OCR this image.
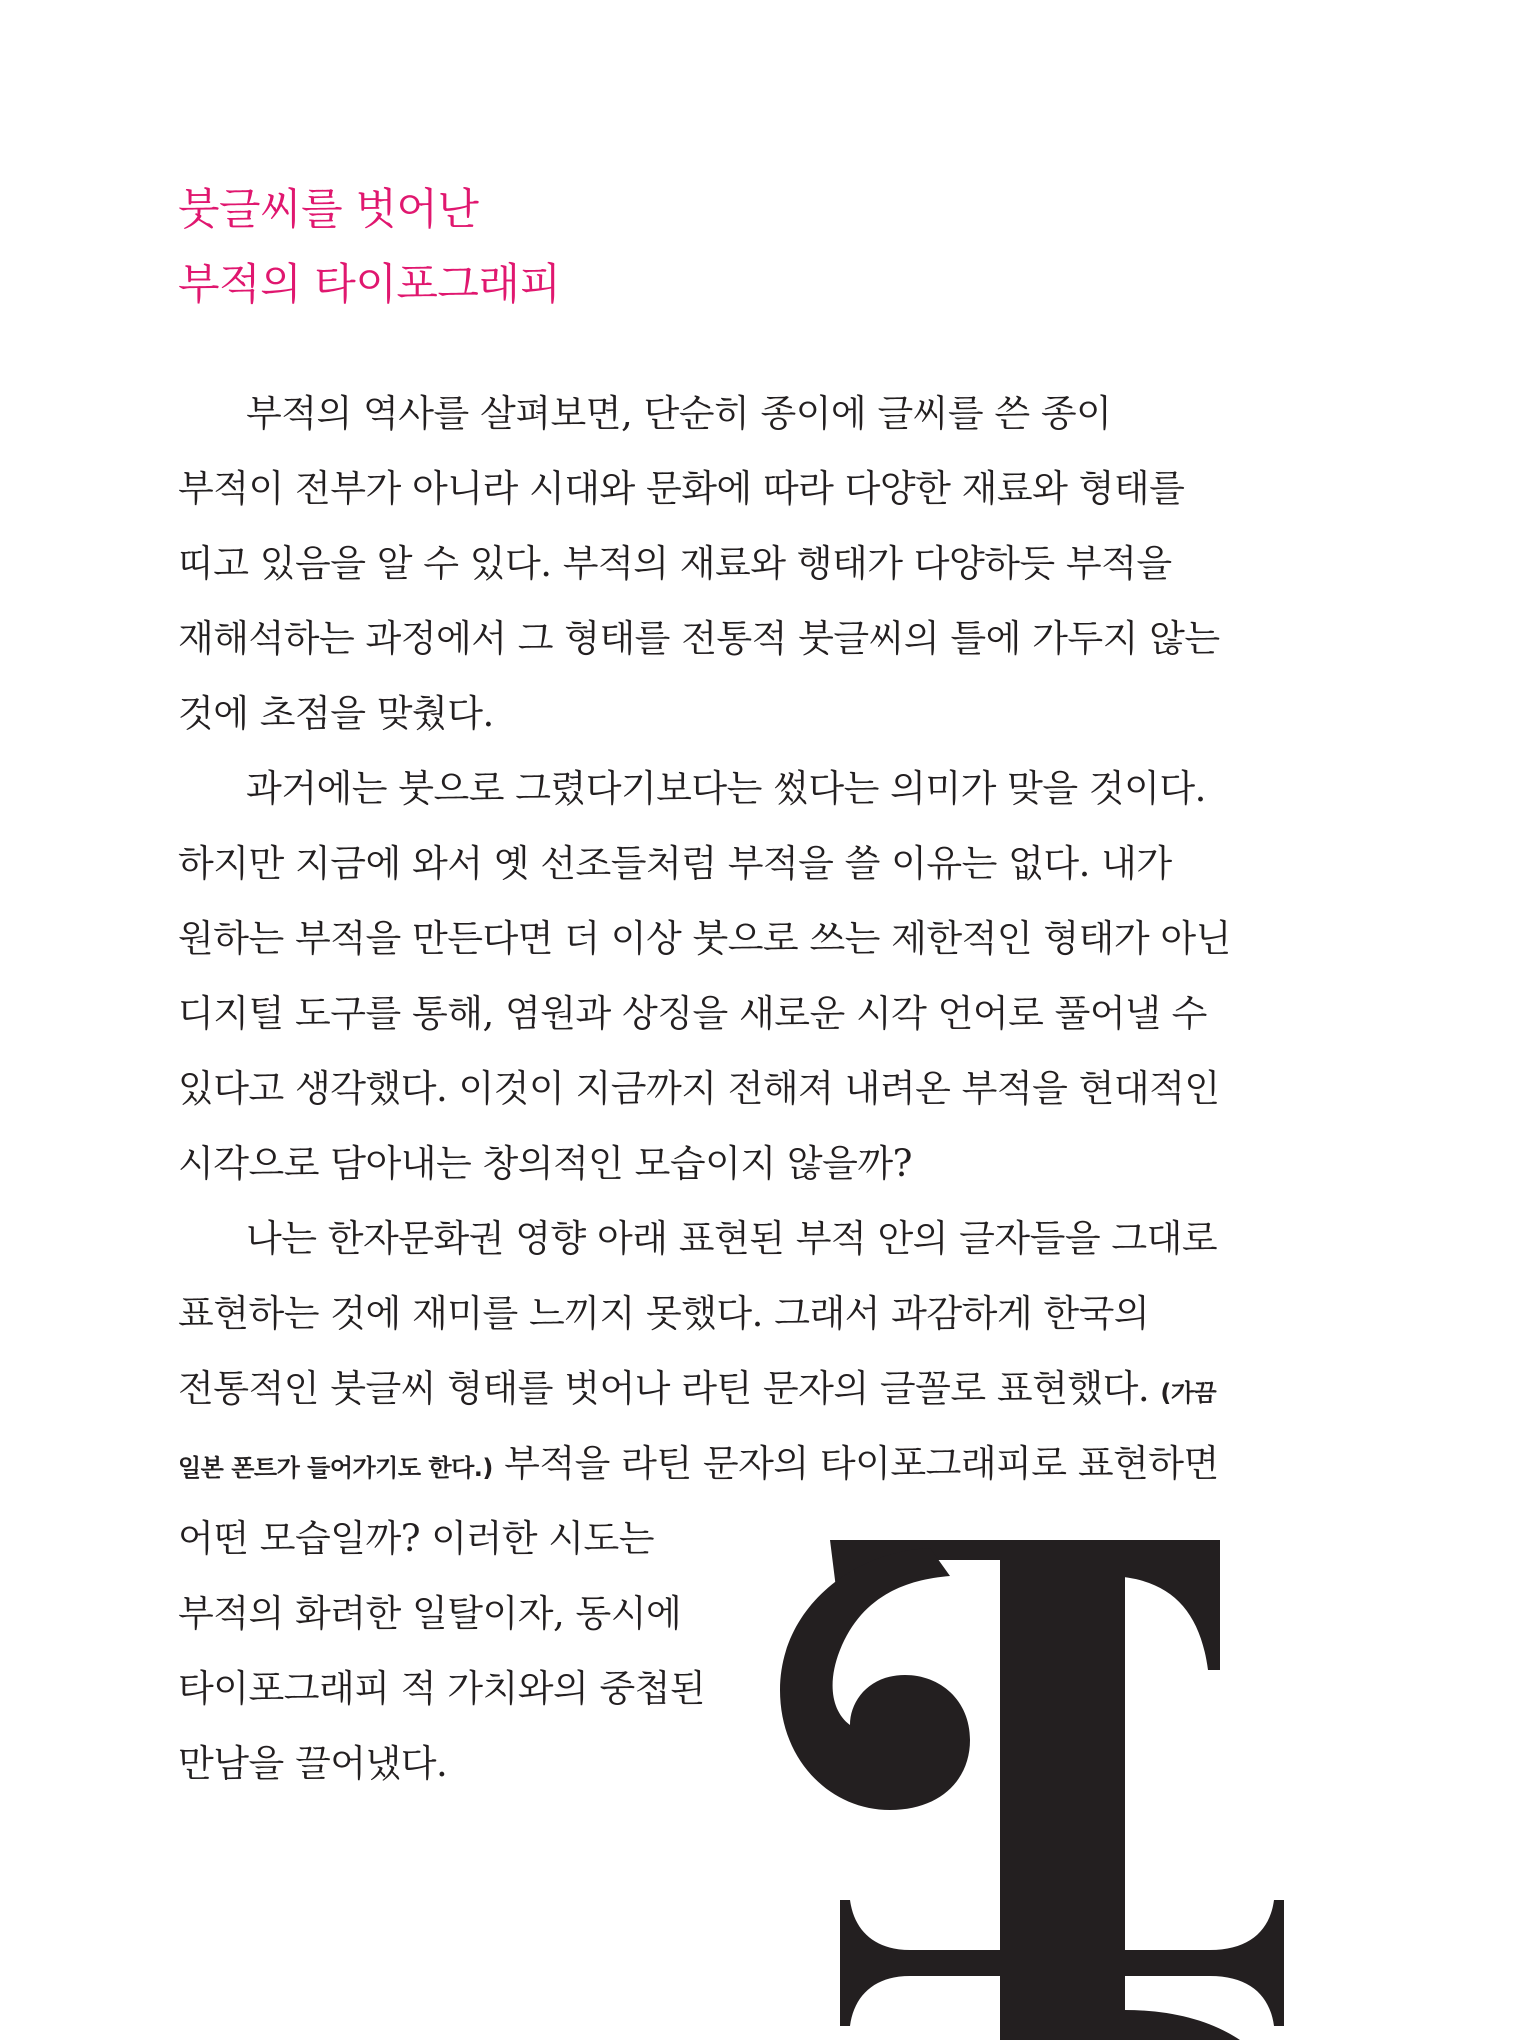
붓글씨를 벗어난
부적의 타이포그래피
부적의 역사를 살펴보면, 단순히 종이에 글씨를 쓴 종이
부적이 전부가 아니라 시대와 문화에 따라 다양한 재료와 형태를
띠고 있음을 알 수 있다. 부적의 재료와 행태가 다양하듯 부적을
재해석하는 과정에서 그 형태를 전통적 붓글씨의 틀에 가두지 않는
것에 초점을 맞췄다.
과거에는 붓으로 그렸다기보다는 썼다는 의미가 맞을 것이다.
하지만 지금에 와서 옛 선조들처럼 부적을 쓸 이유는 없다. 내가
원하는 부적을 만든다면 더 이상 붓으로 쓰는 제한적인 형태가 아닌
디지털 도구를 통해, 염원과 상징을 새로운 시각 언어로 풀어낼 수
있다고 생각했다. 이것이 지금까지 전해져 내려온 부적을 현대적인
시각으로 담아내는 창의적인 모습이지 않을까?
나는 한자문화권 영향 아래 표현된 부적 안의 글자들을 그대로
표현하는 것에 재미를 느끼지 못했다. 그래서 과감하게 한국의
전통적인 붓글씨 형태를 벗어나 라틴 문자의 글꼴로 표현했다. (가끔
일본 폰트가 들어가기도 한다.) 부적을 라틴 문자의 타이포그래피로 표현하면
어떤 모습일까? 이러한 시도는
부적의 화려한 일탈이자, 동시에
타이포그래피 적 가치와의 중첩된
만남을 끌어냈다.
